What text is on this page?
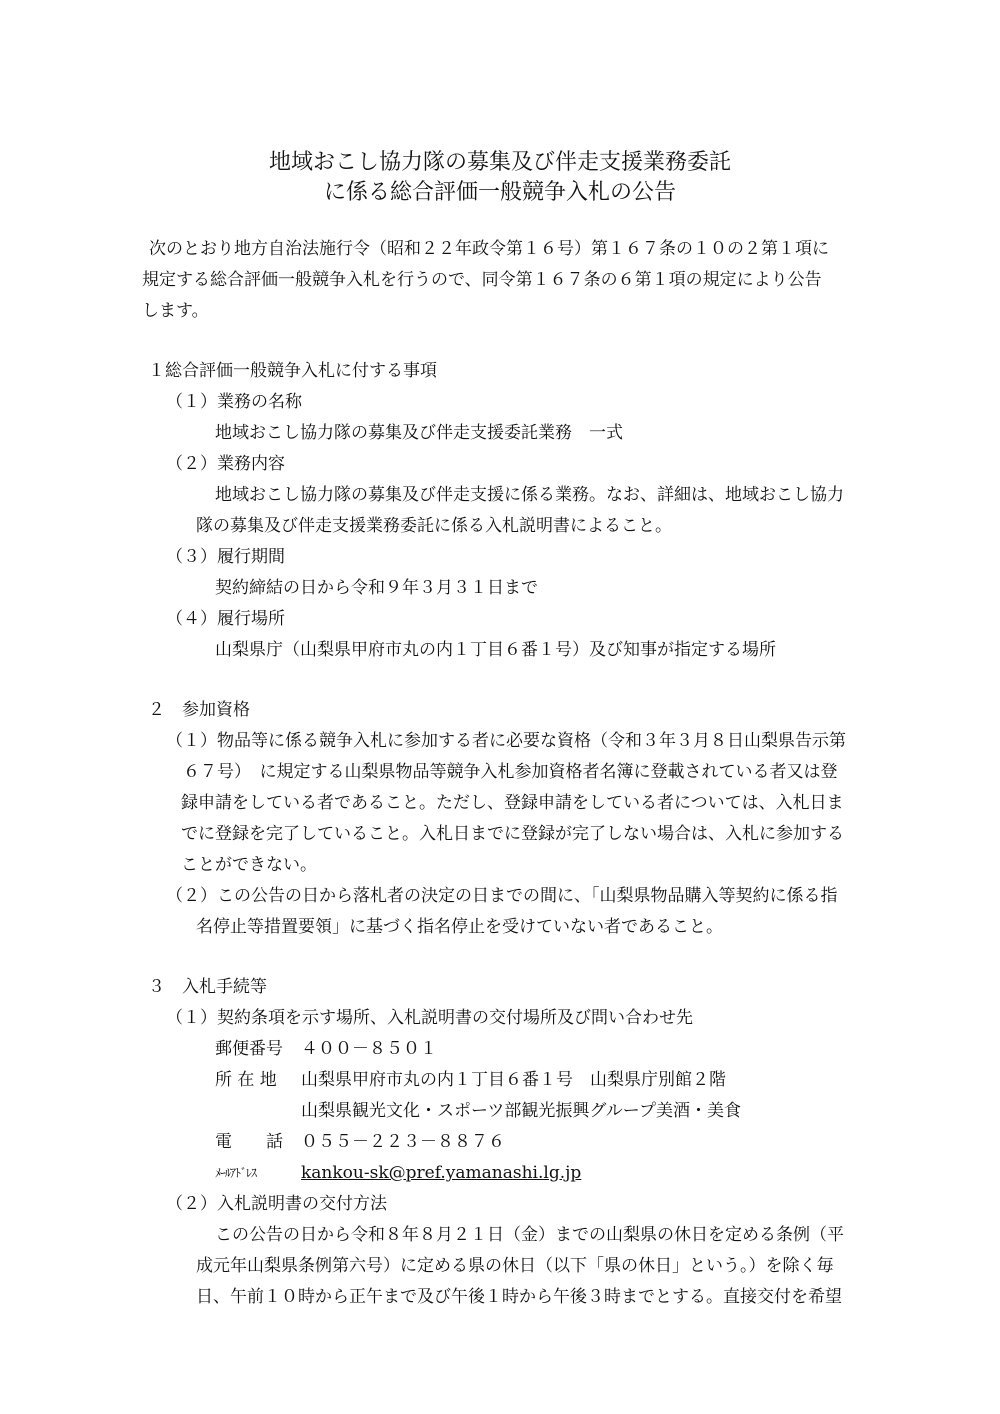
地域おこし協力隊の募集及び伴走支援業務委託
に係る総合評価一般競争入札の公告
次のとおり地方自治法施行令（昭和２２年政令第１６号）第１６７条の１０の２第１項に
規定する総合評価一般競争入札を行うので、同令第１６７条の６第１項の規定により公告
します。
１総合評価一般競争入札に付する事項
（１）業務の名称
地域おこし協力隊の募集及び伴走支援委託業務　一式
（２）業務内容
地域おこし協力隊の募集及び伴走支援に係る業務。なお、詳細は、地域おこし協力
隊の募集及び伴走支援業務委託に係る入札説明書によること。
（３）履行期間
契約締結の日から令和９年３月３１日まで
（４）履行場所
山梨県庁（山梨県甲府市丸の内１丁目６番１号）及び知事が指定する場所
２　参加資格
（１）物品等に係る競争入札に参加する者に必要な資格（令和３年３月８日山梨県告示第
６７号）　に規定する山梨県物品等競争入札参加資格者名簿に登載されている者又は登
録申請をしている者であること。ただし、登録申請をしている者については、入札日ま
でに登録を完了していること。入札日までに登録が完了しない場合は、入札に参加する
ことができない。
（２）この公告の日から落札者の決定の日までの間に、「山梨県物品購入等契約に係る指
名停止等措置要領」に基づく指名停止を受けていない者であること。
３　入札手続等
（１）契約条項を示す場所、入札説明書の交付場所及び問い合わせ先
郵便番号 ４００－８５０１
所 在 地 山梨県甲府市丸の内１丁目６番１号　山梨県庁別館２階
山梨県観光文化・スポーツ部観光振興グループ美酒・美食
電　　話 ０５５－２２３－８８７６
ﾒｰﾙｱﾄﾞﾚｽ	kankou-sk@pref.yamanashi.lg.jp
（２）入札説明書の交付方法
この公告の日から令和８年８月２１日（金）までの山梨県の休日を定める条例（平
成元年山梨県条例第六号）に定める県の休日（以下「県の休日」という。）を除く毎
日、午前１０時から正午まで及び午後１時から午後３時までとする。直接交付を希望
